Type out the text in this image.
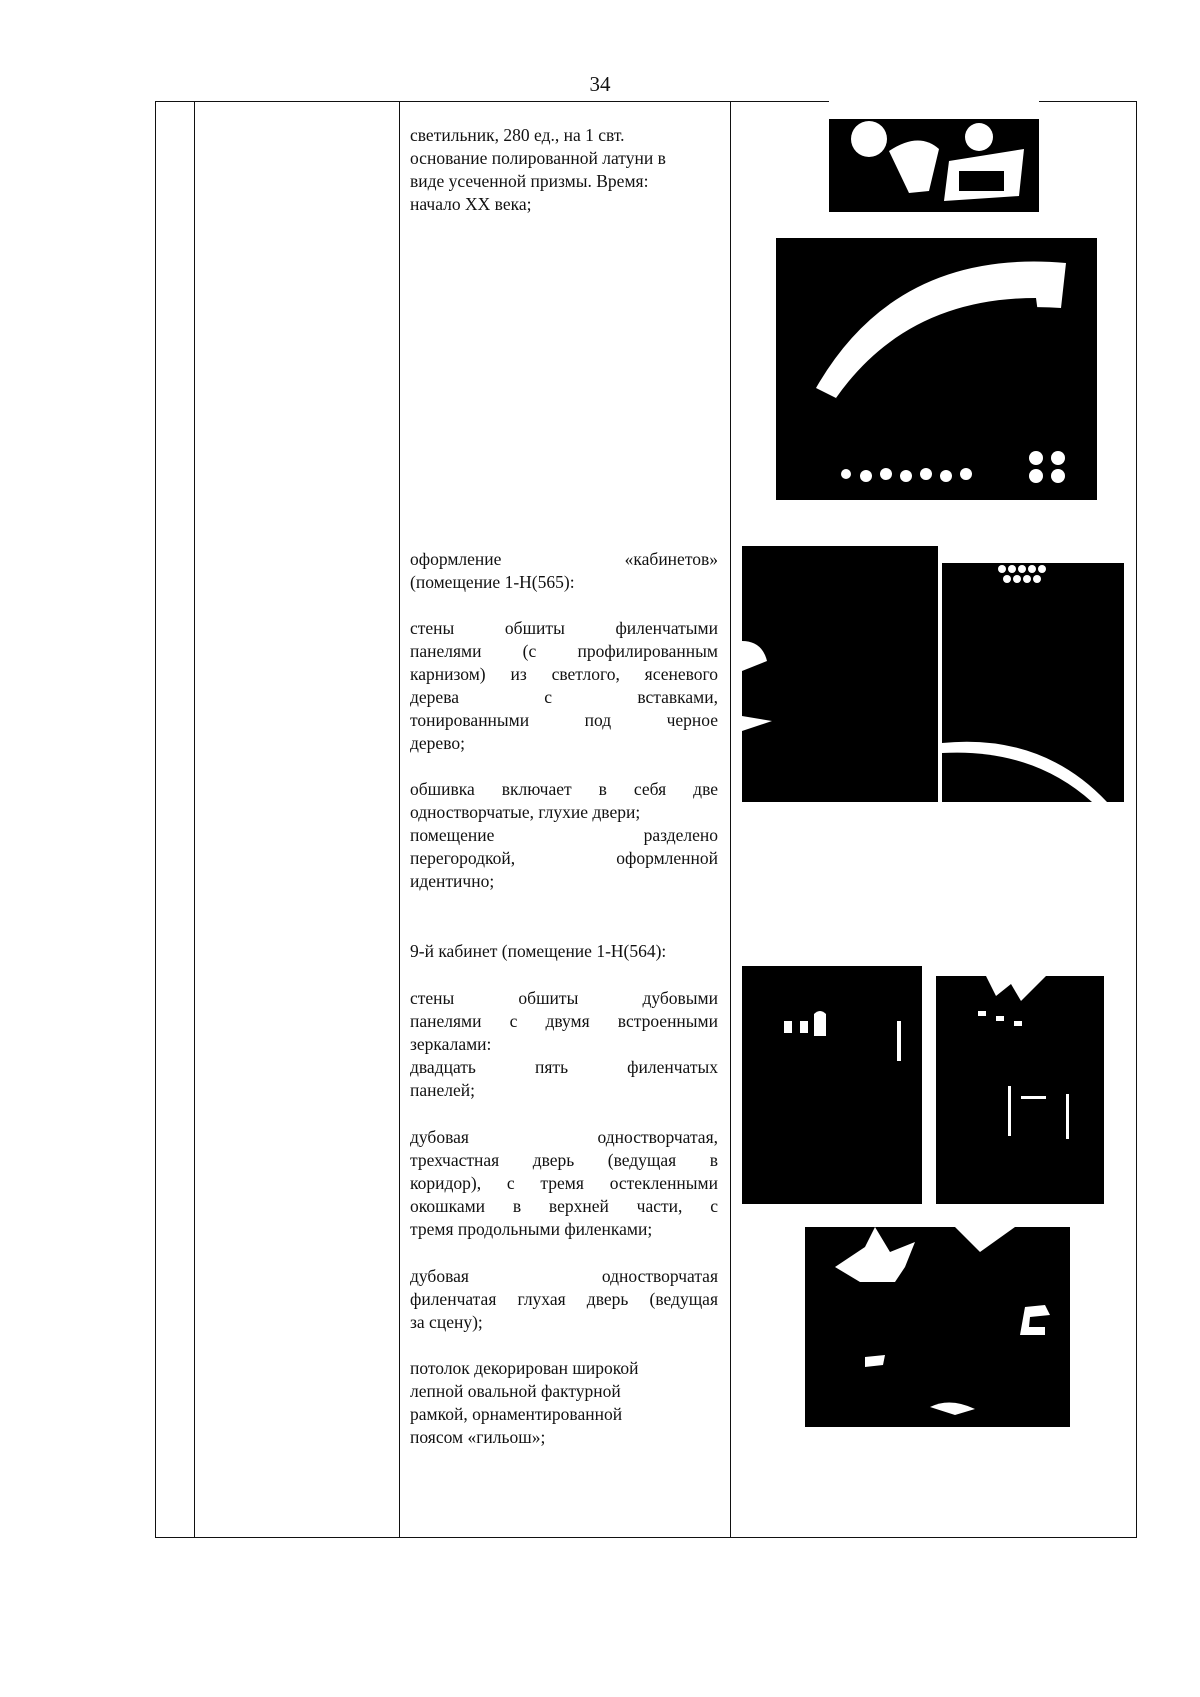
34

светильник, 280 ед., на 1 свт.

основание полированной латуни в

виде усеченной призмы. Время:

начало XX века;

оформление «кабинетов»

(помещение 1-Н(565):

стены обшиты филенчатыми

панелями (с профилированным

карнизом) из светлого, ясеневого

дерева с вставками,

тонированными под черное

дерево;

обшивка включает в себя две

одностворчатые, глухие двери;

помещение разделено

перегородкой, оформленной

идентично;

9-й кабинет (помещение 1-Н(564):

стены обшиты дубовыми

панелями с двумя встроенными

зеркалами:

двадцать пять филенчатых

панелей;

дубовая одностворчатая,

трехчастная дверь (ведущая в

коридор), с тремя остекленными

окошками в верхней части, с

тремя продольными филенками;

дубовая одностворчатая

филенчатая глухая дверь (ведущая

за сцену);

потолок декорирован широкой

лепной овальной фактурной

рамкой, орнаментированной

поясом «гильош»;
